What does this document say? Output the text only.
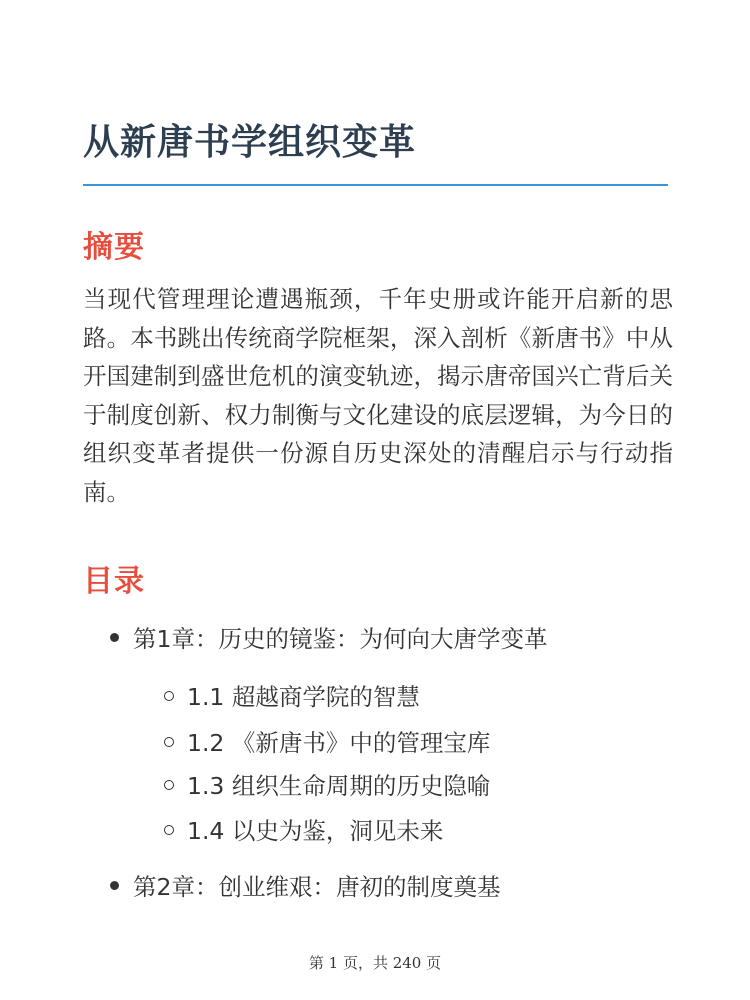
从新唐书学组织变革
摘要

当现代管理理论遭遇瓶颈，千年史册或许能开启新的思路。本书跳出传统商学院框架，深入剖析《新唐书》中从开国建制到盛世危机的演变轨迹，揭示唐帝国兴亡背后关于制度创新、权力制衡与文化建设的底层逻辑，为今日的组织变革者提供一份源自历史深处的清醒启示与行动指南。

目录
第1章：历史的镜鉴：为何向大唐学变革
1.1 超越商学院的智慧
1.2 《新唐书》中的管理宝库
1.3 组织生命周期的历史隐喻
1.4 以史为鉴，洞见未来
第2章：创业维艰：唐初的制度奠基
第 1 页，共 240 页
